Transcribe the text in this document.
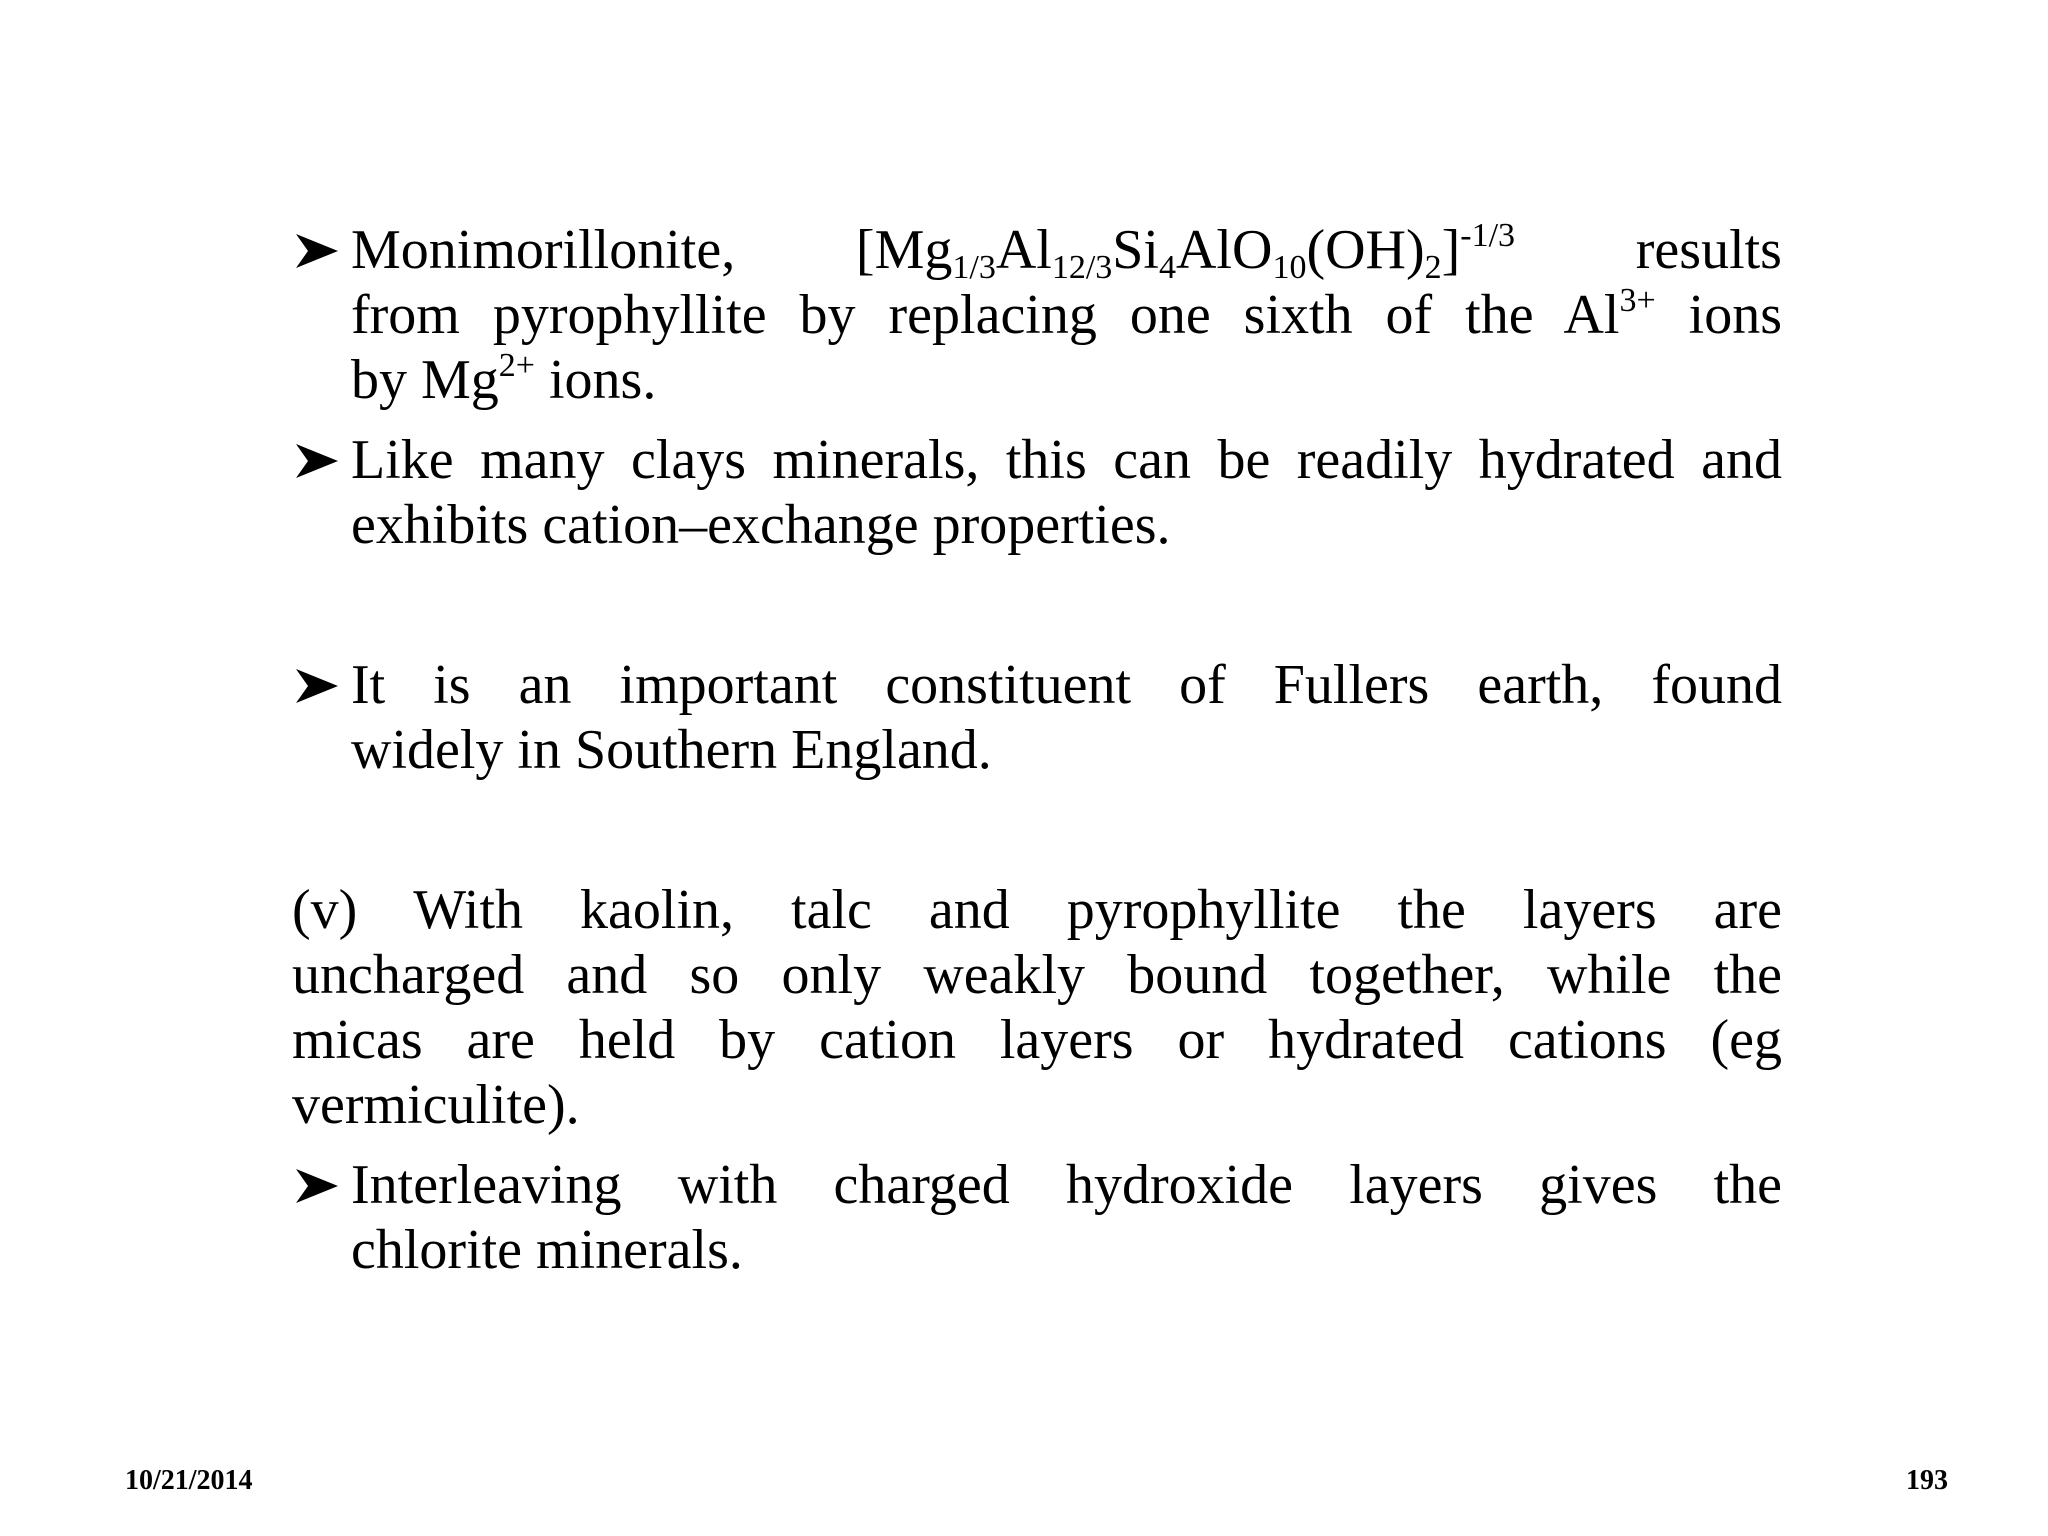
Monimorillonite, $[Mg_{1/3}Al_{12/3}Si_4AlO_{10}(OH)_2]^{-1/3}$ results
from pyrophyllite by replacing one sixth of the $Al^{3+}$ ions
by $Mg^{2+}$ ions.
Like many clays minerals, this can be readily hydrated and
exhibits cation–exchange properties.
It is an important constituent of Fullers earth, found
widely in Southern England.
(v) With kaolin, talc and pyrophyllite the layers are
uncharged and so only weakly bound together, while the
micas are held by cation layers or hydrated cations (eg
vermiculite).
Interleaving with charged hydroxide layers gives the
chlorite minerals.
10/21/2014	193
